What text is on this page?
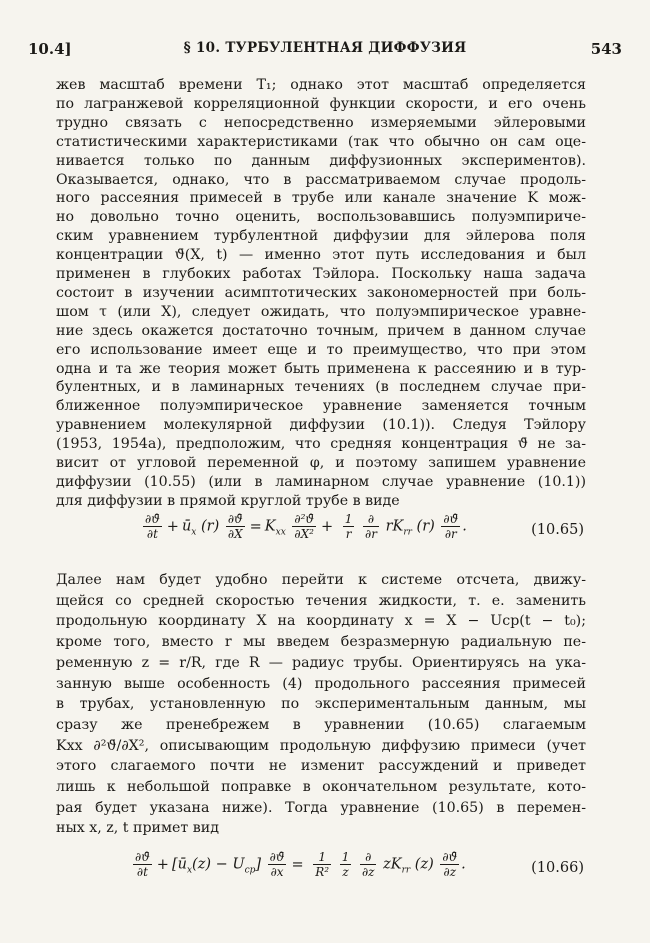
10.4]	§ 10. ТУРБУЛЕНТНАЯ ДИФФУЗИЯ	543
жев масштаб времени T₁; однако этот масштаб определяется
по лагранжевой корреляционной функции скорости, и его очень
трудно связать с непосредственно измеряемыми эйлеровыми
статистическими характеристиками (так что обычно он сам оце-
нивается только по данным диффузионных экспериментов).
Оказывается, однако, что в рассматриваемом случае продоль-
ного рассеяния примесей в трубе или канале значение K мож-
но довольно точно оценить, воспользовавшись полуэмпириче-
ским уравнением турбулентной диффузии для эйлерова поля
концентрации ϑ̄(X, t) — именно этот путь исследования и был
применен в глубоких работах Тэйлора. Поскольку наша задача
состоит в изучении асимптотических закономерностей при боль-
шом τ (или X), следует ожидать, что полуэмпирическое уравне-
ние здесь окажется достаточно точным, причем в данном случае
его использование имеет еще и то преимущество, что при этом
одна и та же теория может быть применена к рассеянию и в тур-
булентных, и в ламинарных течениях (в последнем случае при-
ближенное полуэмпирическое уравнение заменяется точным
уравнением молекулярной диффузии (10.1)). Следуя Тэйлору
(1953, 1954а), предположим, что средняя концентрация ϑ̄ не за-
висит от угловой переменной φ, и поэтому запишем уравнение
диффузии (10.55) (или в ламинарном случае уравнение (10.1))
для диффузии в прямой круглой трубе в виде
$\frac{\partial ϑ̄}{\partial t}$ + $ū_x$ $(r) \frac{\partial ϑ̄}{\partial X} = K_{xx} \frac{\text{∂²ϑ̄}}{\text{∂X²}} + \frac{1}{r}$
$\frac{\partial}{\partial r} rK_{rr}$ $(r) \frac{\partial ϑ̄}{\partial r}$ .	(10.65)
Далее нам будет удобно перейти к системе отсчета, движу-
щейся со средней скоростью течения жидкости, т. е. заменить
продольную координату X на координату x = X − Uср(t − t₀);
кроме того, вместо r мы введем безразмерную радиальную пе-
ременную z = r/R, где R — радиус трубы. Ориентируясь на ука-
занную выше особенность (4) продольного рассеяния примесей
в трубах, установленную по экспериментальным данным, мы
сразу же пренебрежем в уравнении (10.65) слагаемым
Kxx ∂²ϑ̄/∂X², описывающим продольную диффузию примеси (учет
этого слагаемого почти не изменит рассуждений и приведет
лишь к небольшой поправке в окончательном результате, кото-
рая будет указана ниже). Тогда уравнение (10.65) в перемен-
ных x, z, t примет вид
$\frac{\partial ϑ̄}{\partial t}$ + $[ū_x(z) - U_{ср}] \frac{\partial ϑ̄}{\partial x} = \frac{1}{\text{R²}}$
$\frac{1}{z}$
$\frac{\partial}{\partial z} zK_{rr}$ $(z) \frac{\partial ϑ̄}{\partial z}$ .	(10.66)
